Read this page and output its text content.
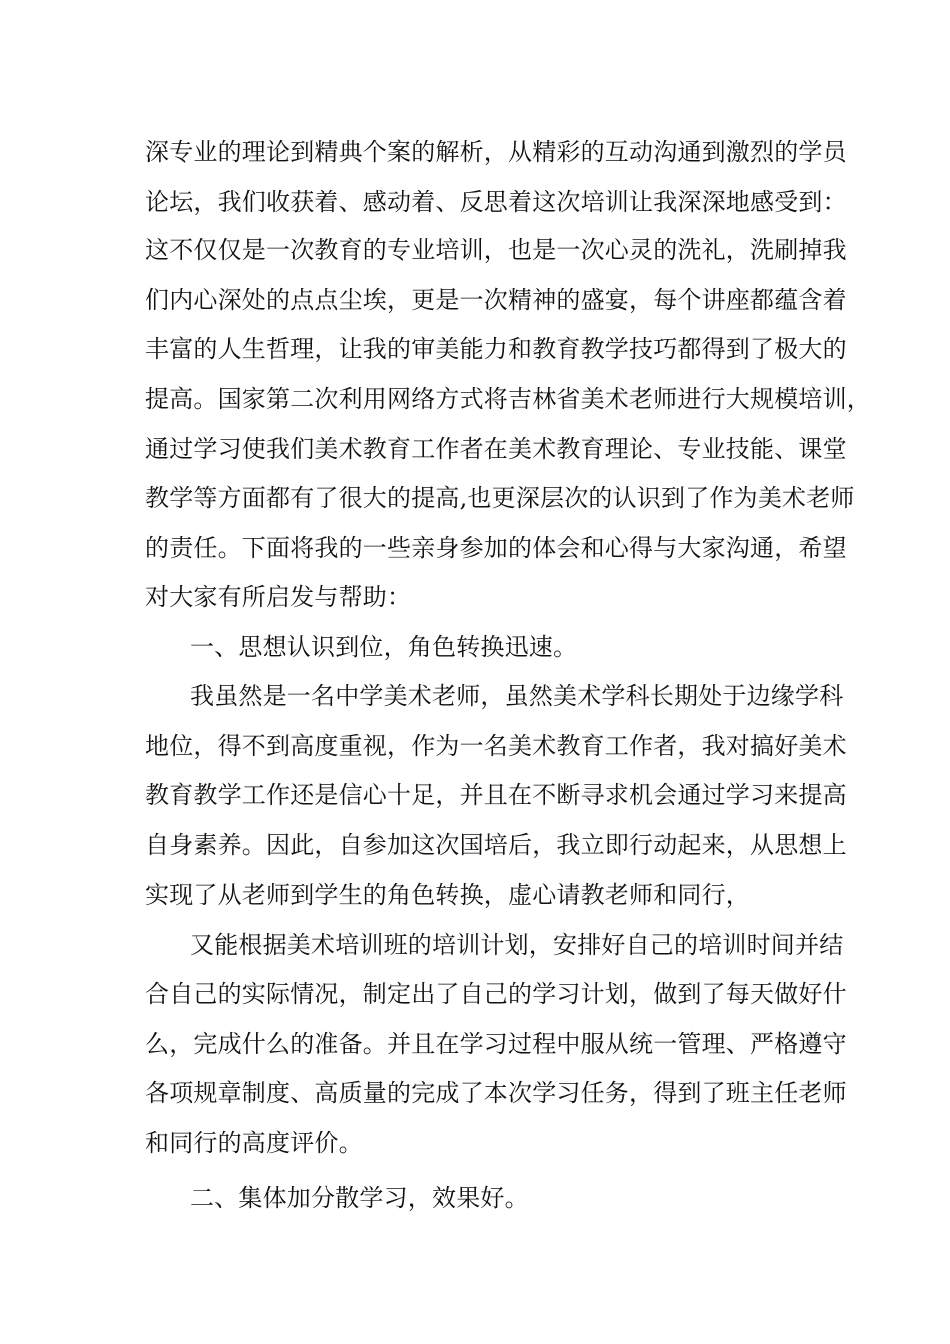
深专业的理论到精典个案的解析，从精彩的互动沟通到激烈的学员
论坛，我们收获着、感动着、反思着这次培训让我深深地感受到：
这不仅仅是一次教育的专业培训，也是一次心灵的洗礼，洗刷掉我
们内心深处的点点尘埃，更是一次精神的盛宴，每个讲座都蕴含着
丰富的人生哲理，让我的审美能力和教育教学技巧都得到了极大的
提高。国家第二次利用网络方式将吉林省美术老师进行大规模培训，
通过学习使我们美术教育工作者在美术教育理论、专业技能、课堂
教学等方面都有了很大的提高,也更深层次的认识到了作为美术老师
的责任。下面将我的一些亲身参加的体会和心得与大家沟通，希望
对大家有所启发与帮助：
一、思想认识到位，角色转换迅速。
我虽然是一名中学美术老师，虽然美术学科长期处于边缘学科
地位，得不到高度重视，作为一名美术教育工作者，我对搞好美术
教育教学工作还是信心十足，并且在不断寻求机会通过学习来提高
自身素养。因此，自参加这次国培后，我立即行动起来，从思想上
实现了从老师到学生的角色转换，虚心请教老师和同行，
又能根据美术培训班的培训计划，安排好自己的培训时间并结
合自己的实际情况，制定出了自己的学习计划，做到了每天做好什
么，完成什么的准备。并且在学习过程中服从统一管理、严格遵守
各项规章制度、高质量的完成了本次学习任务，得到了班主任老师
和同行的高度评价。
二、集体加分散学习，效果好。
